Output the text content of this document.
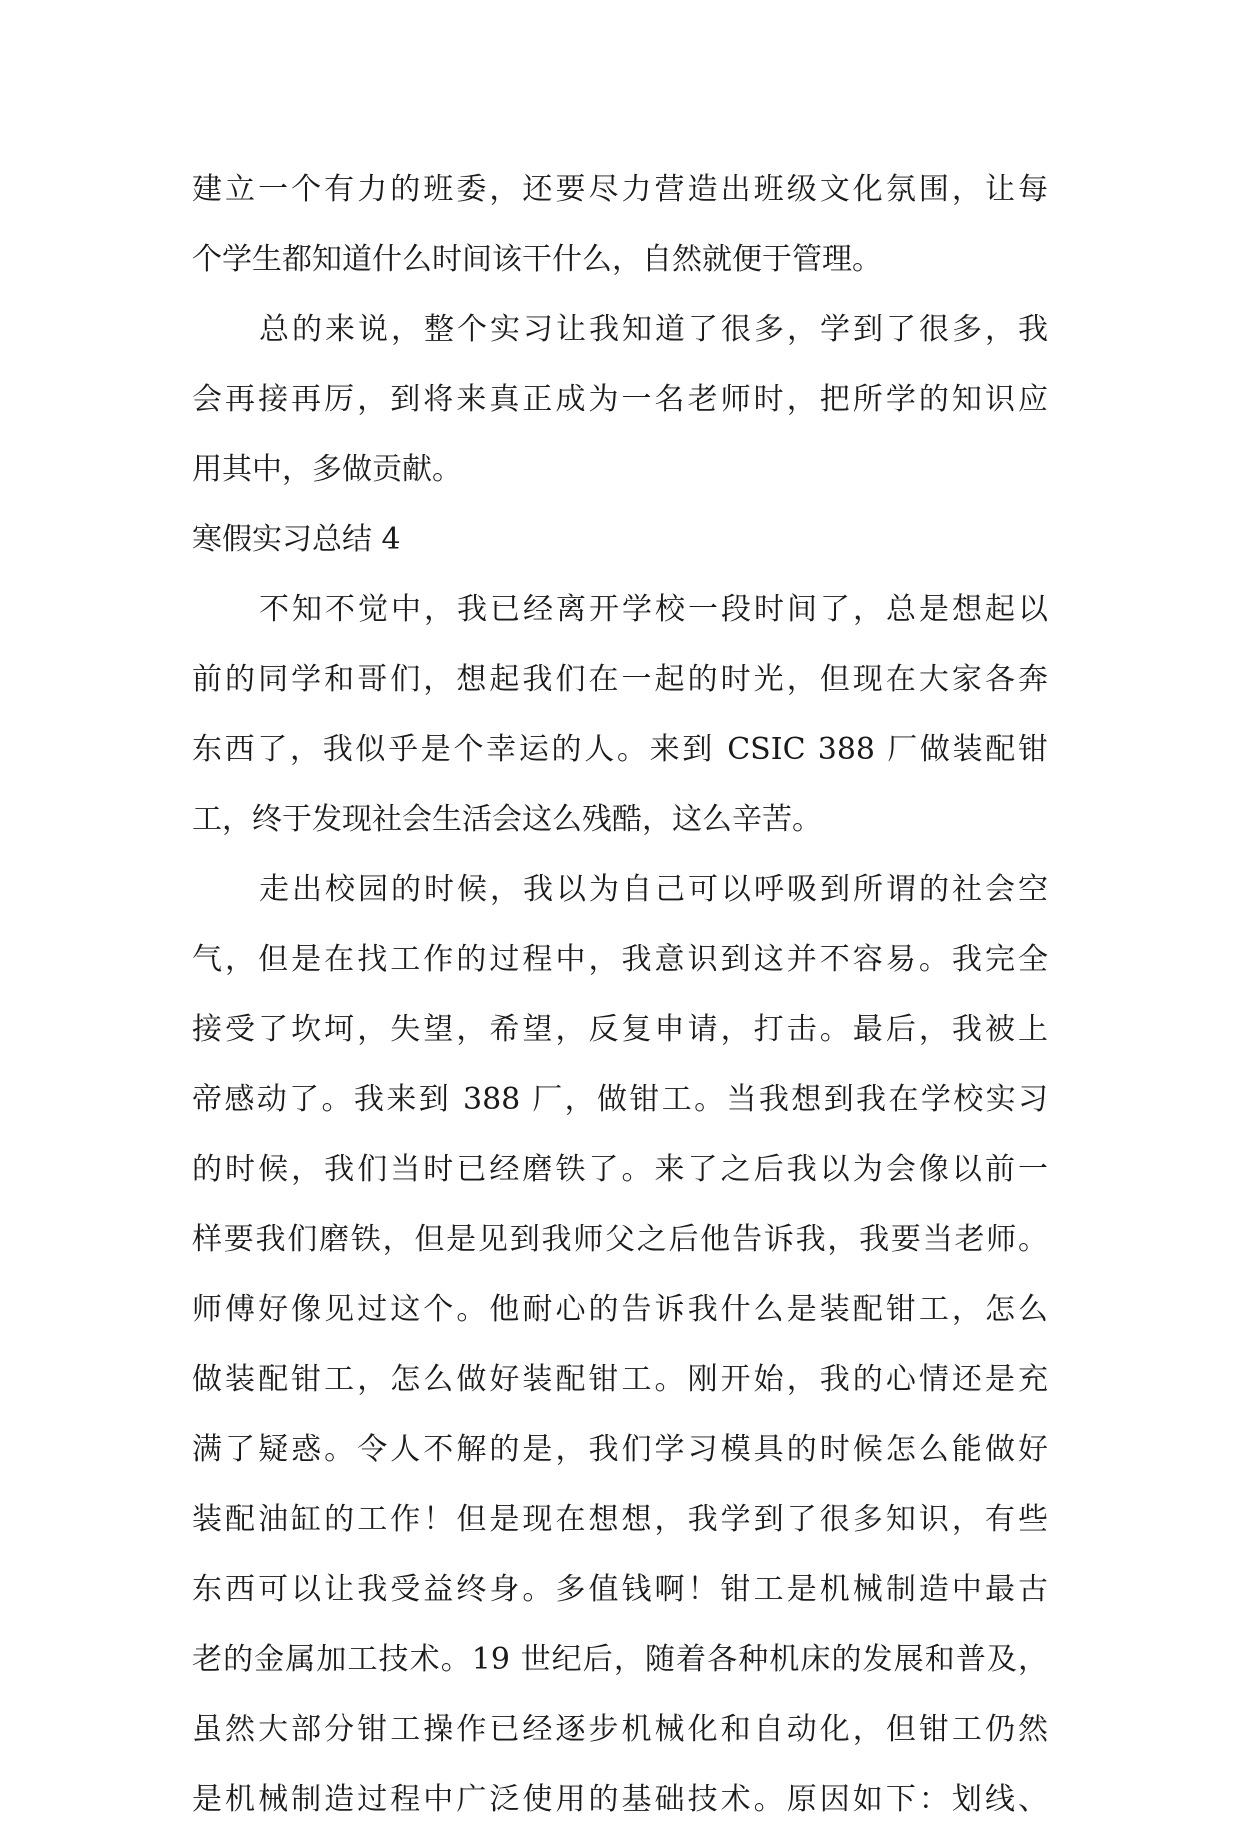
建立一个有力的班委，还要尽力营造出班级文化氛围，让每
个学生都知道什么时间该干什么，自然就便于管理。
总的来说，整个实习让我知道了很多，学到了很多，我
会再接再厉，到将来真正成为一名老师时，把所学的知识应
用其中，多做贡献。
寒假实习总结 4
不知不觉中，我已经离开学校一段时间了，总是想起以
前的同学和哥们，想起我们在一起的时光，但现在大家各奔
东西了，我似乎是个幸运的人。来到 CSIC 388 厂做装配钳
工，终于发现社会生活会这么残酷，这么辛苦。
走出校园的时候，我以为自己可以呼吸到所谓的社会空
气，但是在找工作的过程中，我意识到这并不容易。我完全
接受了坎坷，失望，希望，反复申请，打击。最后，我被上
帝感动了。我来到 388 厂，做钳工。当我想到我在学校实习
的时候，我们当时已经磨铁了。来了之后我以为会像以前一
样要我们磨铁，但是见到我师父之后他告诉我，我要当老师。
师傅好像见过这个。他耐心的告诉我什么是装配钳工，怎么
做装配钳工，怎么做好装配钳工。刚开始，我的心情还是充
满了疑惑。令人不解的是，我们学习模具的时候怎么能做好
装配油缸的工作！但是现在想想，我学到了很多知识，有些
东西可以让我受益终身。多值钱啊！钳工是机械制造中最古
老的金属加工技术。19 世纪后，随着各种机床的发展和普及，
虽然大部分钳工操作已经逐步机械化和自动化，但钳工仍然
是机械制造过程中广泛使用的基础技术。原因如下：划线、
